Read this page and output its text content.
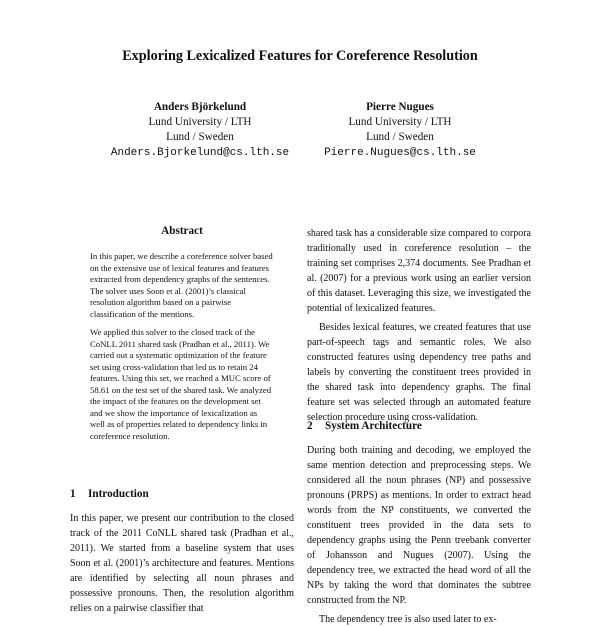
Exploring Lexicalized Features for Coreference Resolution
Anders Björkelund
Lund University / LTH
Lund / Sweden
Anders.Bjorkelund@cs.lth.se
Pierre Nugues
Lund University / LTH
Lund / Sweden
Pierre.Nugues@cs.lth.se
Abstract

In this paper, we describe a coreference solver based on the extensive use of lexical features and features extracted from dependency graphs of the sentences. The solver uses Soon et al. (2001)’s classical resolution algorithm based on a pairwise classification of the mentions.

We applied this solver to the closed track of the CoNLL 2011 shared task (Pradhan et al., 2011). We carried out a systematic optimization of the feature set using cross-validation that led us to retain 24 features. Using this set, we reached a MUC score of 58.61 on the test set of the shared task. We analyzed the impact of the features on the development set and we show the importance of lexicalization as well as of properties related to dependency links in coreference resolution.

1 Introduction

In this paper, we present our contribution to the closed track of the 2011 CoNLL shared task (Pradhan et al., 2011). We started from a baseline system that uses Soon et al. (2001)’s architecture and features. Mentions are identified by selecting all noun phrases and possessive pronouns. Then, the resolution algorithm relies on a pairwise classifier that

shared task has a considerable size compared to corpora traditionally used in coreference resolution – the training set comprises 2,374 documents. See Pradhan et al. (2007) for a previous work using an earlier version of this dataset. Leveraging this size, we investigated the potential of lexicalized features.

Besides lexical features, we created features that use part-of-speech tags and semantic roles. We also constructed features using dependency tree paths and labels by converting the constituent trees provided in the shared task into dependency graphs. The final feature set was selected through an automated feature selection procedure using cross-validation.

2 System Architecture

During both training and decoding, we employed the same mention detection and preprocessing steps. We considered all the noun phrases (NP) and possessive pronouns (PRPS) as mentions. In order to extract head words from the NP constituents, we converted the constituent trees provided in the data sets to dependency graphs using the Penn treebank converter of Johansson and Nugues (2007). Using the dependency tree, we extracted the head word of all the NPs by taking the word that dominates the subtree constructed from the NP.

The dependency tree is also used later to ex-
